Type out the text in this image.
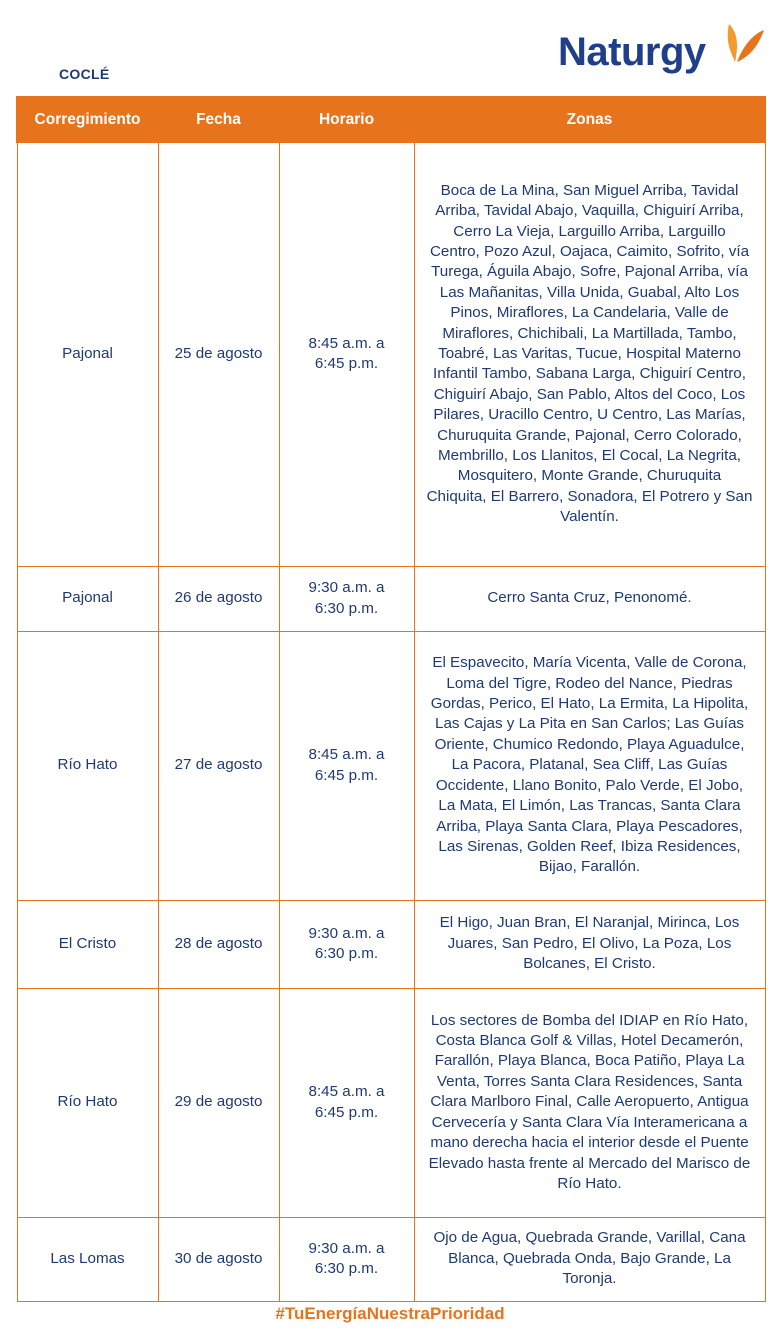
COCLÉ	Naturgy
Corregimiento	Fecha	Horario	Zonas
Pajonal	25 de agosto	8:45 a.m. a 6:45 p.m.	Boca de La Mina, San Miguel Arriba, Tavidal Arriba, Tavidal Abajo, Vaquilla, Chiguirí Arriba, Cerro La Vieja, Larguillo Arriba, Larguillo Centro, Pozo Azul, Oajaca, Caimito, Sofrito, vía Turega, Águila Abajo, Sofre, Pajonal Arriba, vía Las Mañanitas, Villa Unida, Guabal, Alto Los Pinos, Miraflores, La Candelaria, Valle de Miraflores, Chichibali, La Martillada, Tambo, Toabré, Las Varitas, Tucue, Hospital Materno Infantil Tambo, Sabana Larga, Chiguirí Centro, Chiguirí Abajo, San Pablo, Altos del Coco, Los Pilares, Uracillo Centro, U Centro, Las Marías, Churuquita Grande, Pajonal, Cerro Colorado, Membrillo, Los Llanitos, El Cocal, La Negrita, Mosquitero, Monte Grande, Churuquita Chiquita, El Barrero, Sonadora, El Potrero y San Valentín.
Pajonal	26 de agosto	9:30 a.m. a 6:30 p.m.	Cerro Santa Cruz, Penonomé.
Río Hato	27 de agosto	8:45 a.m. a 6:45 p.m.	El Espavecito, María Vicenta, Valle de Corona, Loma del Tigre, Rodeo del Nance, Piedras Gordas, Perico, El Hato, La Ermita, La Hipolita, Las Cajas y La Pita en San Carlos; Las Guías Oriente, Chumico Redondo, Playa Aguadulce, La Pacora, Platanal, Sea Cliff, Las Guías Occidente, Llano Bonito, Palo Verde, El Jobo, La Mata, El Limón, Las Trancas, Santa Clara Arriba, Playa Santa Clara, Playa Pescadores, Las Sirenas, Golden Reef, Ibiza Residences, Bijao, Farallón.
El Cristo	28 de agosto	9:30 a.m. a 6:30 p.m.	El Higo, Juan Bran, El Naranjal, Mirinca, Los Juares, San Pedro, El Olivo, La Poza, Los Bolcanes, El Cristo.
Río Hato	29 de agosto	8:45 a.m. a 6:45 p.m.	Los sectores de Bomba del IDIAP en Río Hato, Costa Blanca Golf & Villas, Hotel Decamerón, Farallón, Playa Blanca, Boca Patiño, Playa La Venta, Torres Santa Clara Residences, Santa Clara Marlboro Final, Calle Aeropuerto, Antigua Cervecería y Santa Clara Vía Interamericana a mano derecha hacia el interior desde el Puente Elevado hasta frente al Mercado del Marisco de Río Hato.
Las Lomas	30 de agosto	9:30 a.m. a 6:30 p.m.	Ojo de Agua, Quebrada Grande, Varillal, Cana Blanca, Quebrada Onda, Bajo Grande, La Toronja.
#TuEnergíaNuestraPrioridad
